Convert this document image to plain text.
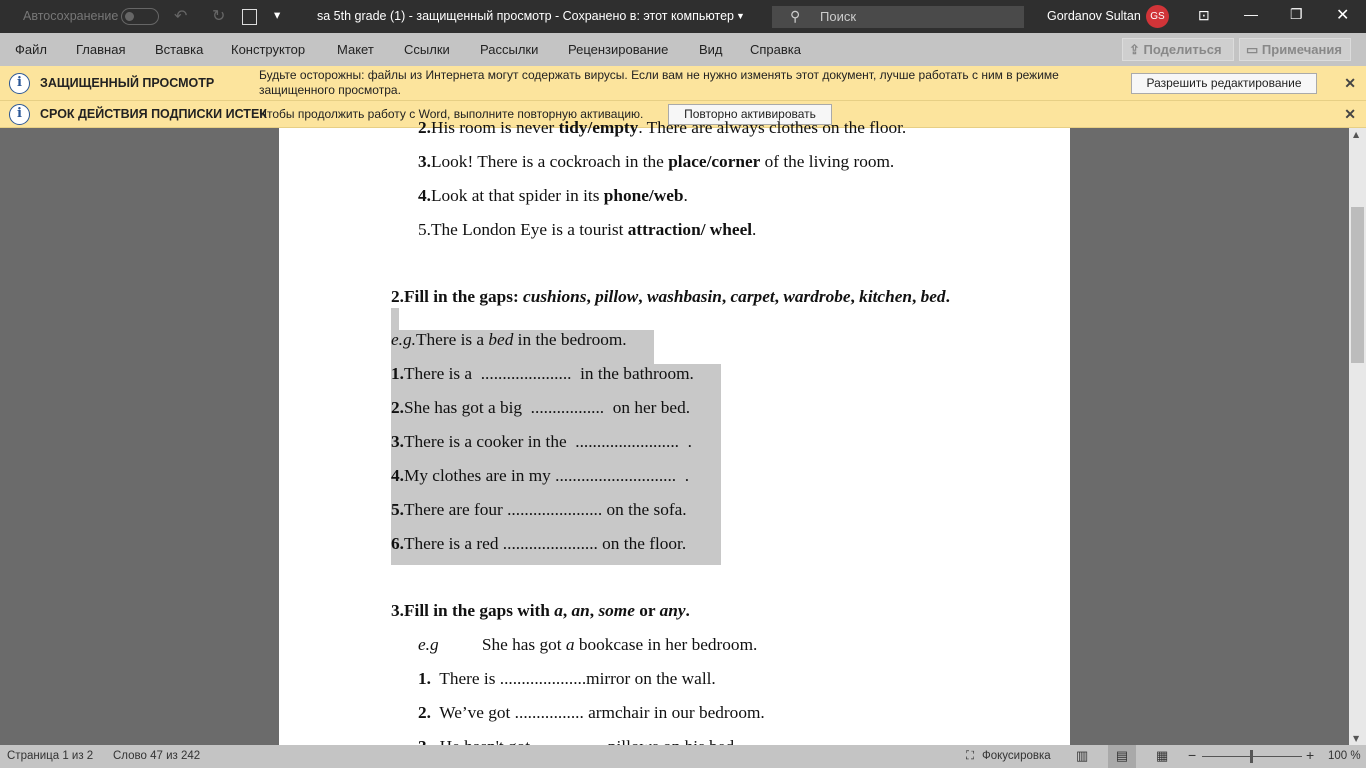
Автосохранение	↶ ↻	▾	sa 5th grade (1) - защищенный просмотр - Сохранено в: этот компьютер ▼	⚲ Поиск	Gordanov Sultan GS	⊡ — ❐ ✕
Файл Главная Вставка Конструктор Макет Ссылки Рассылки Рецензирование Вид Справка	⇪ Поделиться	▭ Примечания
i	ЗАЩИЩЕННЫЙ ПРОСМОТР
Будьте осторожны: файлы из Интернета могут содержать вирусы. Если вам не нужно изменять этот документ, лучше работать с ним в режиме защищенного просмотра.	Разрешить редактирование	✕
i	СРОК ДЕЙСТВИЯ ПОДПИСКИ ИСТЕК
Чтобы продолжить работу с Word, выполните повторную активацию.	Повторно активировать	✕
2.His room is never tidy/empty. There are always clothes on the floor.
3.Look! There is a cockroach in the place/corner of the living room.
4.Look at that spider in its phone/web.
5.The London Eye is a tourist attraction/ wheel.
2.Fill in the gaps: cushions, pillow, washbasin, carpet, wardrobe, kitchen, bed.
e.g.There is a bed in the bedroom.
1.There is a  .....................  in the bathroom.
2.She has got a big  .................  on her bed.
3.There is a cooker in the  ........................  .
4.My clothes are in my ............................  .
5.There are four ...................... on the sofa.
6.There is a red ...................... on the floor.
3.Fill in the gaps with a, an, some or any.
e.g          She has got a bookcase in her bedroom.
1.  There is ....................mirror on the wall.
2.  We’ve got ................ armchair in our bedroom.
▲
▼
Страница 1 из 2 Слово 47 из 242	⛶ Фокусировка ▥	▤	▦ −	+ 100 %
